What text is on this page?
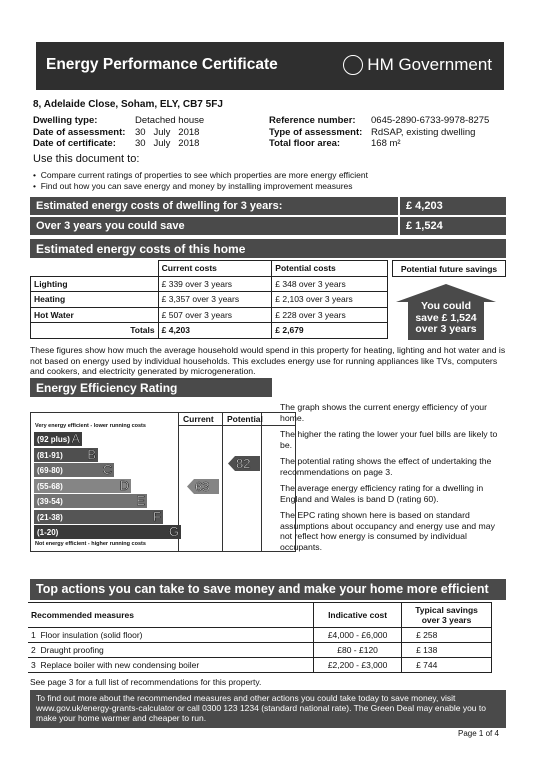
Energy Performance Certificate	HM Government
8, Adelaide Close, Soham, ELY, CB7 5FJ
Dwelling type:	Detached house
Date of assessment: 30   July   2018
Date of certificate: 30   July   2018
Reference number: 0645-2890-6733-9978-8275
Type of assessment: RdSAP, existing dwelling
Total floor area:	168 m²
Use this document to:
•  Compare current ratings of properties to see which properties are more energy efficient
•  Find out how you can save energy and money by installing improvement measures
Estimated energy costs of dwelling for 3 years:	£ 4,203
Over 3 years you could save	£ 1,524
Estimated energy costs of this home
	Current costs	Potential costs
Lighting	£ 339 over 3 years	£ 348 over 3 years
Heating	£ 3,357 over 3 years	£ 2,103 over 3 years
Hot Water	£ 507 over 3 years	£ 228 over 3 years
Totals	£ 4,203	£ 2,679
Potential future savings
You could
save £ 1,524
over 3 years
These figures show how much the average household would spend in this property for heating, lighting and hot water and is not based on energy used by individual households. This excludes energy use for running appliances like TVs, computers and cookers, and electricity generated by microgeneration.
Energy Efficiency Rating
Current Potential
Very energy efficient - lower running costs
(92 plus) A
(81-91) B
(69-80)	C
(55-68)	D
(39-54)	E
(21-38)	F
(1-20)	G
Not energy efficient - higher running costs
63
82
The graph shows the current energy efficiency of your home.
The higher the rating the lower your fuel bills are likely to be.
The potential rating shows the effect of undertaking the recommendations on page 3.
The average energy efficiency rating for a dwelling in England and Wales is band D (rating 60).
The EPC rating shown here is based on standard assumptions about occupancy and energy use and may not reflect how energy is consumed by individual occupants.
Top actions you can take to save money and make your home more efficient
Recommended measures	Indicative cost	Typical savings over 3 years
1 Floor insulation (solid floor)	£4,000 - £6,000	£ 258
2 Draught proofing	£80 - £120	£ 138
3 Replace boiler with new condensing boiler	£2,200 - £3,000	£ 744
See page 3 for a full list of recommendations for this property.
To find out more about the recommended measures and other actions you could take today to save money, visit www.gov.uk/energy-grants-calculator or call 0300 123 1234 (standard national rate). The Green Deal may enable you to make your home warmer and cheaper to run.
Page 1 of 4
